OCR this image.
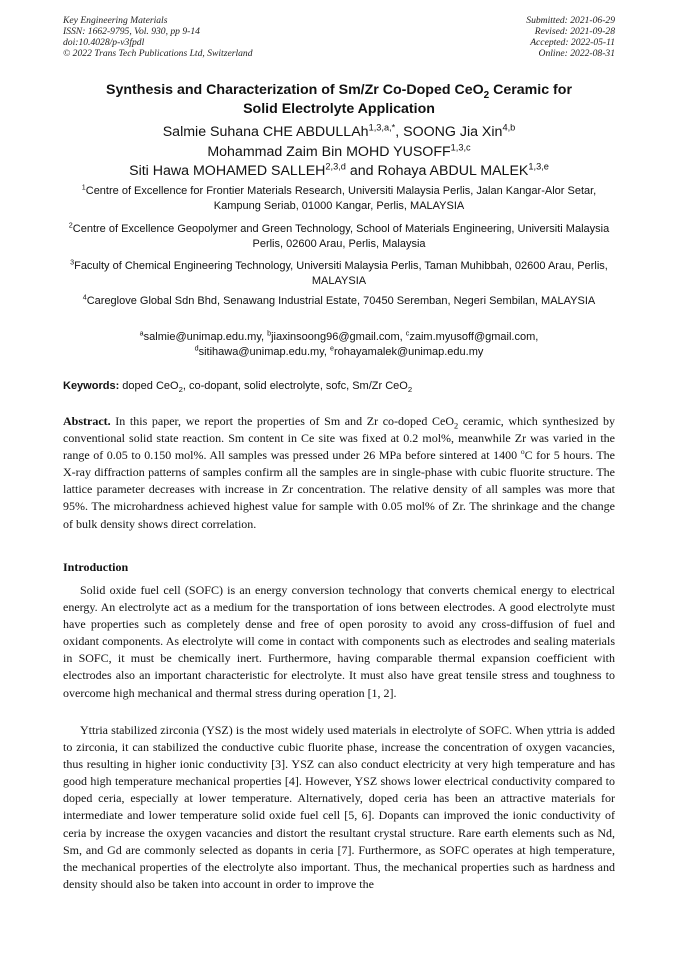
Key Engineering Materials
ISSN: 1662-9795, Vol. 930, pp 9-14
doi:10.4028/p-v3fpdl
© 2022 Trans Tech Publications Ltd, Switzerland
Submitted: 2021-06-29
Revised: 2021-09-28
Accepted: 2022-05-11
Online: 2022-08-31
Synthesis and Characterization of Sm/Zr Co-Doped CeO$_2$ Ceramic for
Solid Electrolyte Application
Salmie Suhana CHE ABDULLAh$^{1,3,a,*}$, SOONG Jia Xin$^{4,b}$
Mohammad Zaim Bin MOHD YUSOFF$^{1,3,c}$
Siti Hawa MOHAMED SALLEH$^{2,3,d}$ and Rohaya ABDUL MALEK$^{1,3,e}$
$^1$Centre of Excellence for Frontier Materials Research, Universiti Malaysia Perlis, Jalan Kangar-Alor Setar, Kampung Seriab, 01000 Kangar, Perlis, MALAYSIA
$^2$Centre of Excellence Geopolymer and Green Technology, School of Materials Engineering, Universiti Malaysia Perlis, 02600 Arau, Perlis, Malaysia
$^3$Faculty of Chemical Engineering Technology, Universiti Malaysia Perlis, Taman Muhibbah, 02600 Arau, Perlis, MALAYSIA
$^4$Careglove Global Sdn Bhd, Senawang Industrial Estate, 70450 Seremban, Negeri Sembilan, MALAYSIA
$^a$salmie@unimap.edu.my, $^b$jiaxinsoong96@gmail.com, $^c$zaim.myusoff@gmail.com,
$^d$sitihawa@unimap.edu.my, $^e$rohayamalek@unimap.edu.my
Keywords: doped CeO$_2$, co-dopant, solid electrolyte, sofc, Sm/Zr CeO$_2$
Abstract. In this paper, we report the properties of Sm and Zr co-doped CeO$_2$ ceramic, which synthesized by conventional solid state reaction. Sm content in Ce site was fixed at 0.2 mol%, meanwhile Zr was varied in the range of 0.05 to 0.150 mol%. All samples was pressed under 26 MPa before sintered at 1400 $^o$C for 5 hours. The X-ray diffraction patterns of samples confirm all the samples are in single-phase with cubic fluorite structure. The lattice parameter decreases with increase in Zr concentration. The relative density of all samples was more that 95%. The microhardness achieved highest value for sample with 0.05 mol% of Zr. The shrinkage and the change of bulk density shows direct correlation.
Introduction
Solid oxide fuel cell (SOFC) is an energy conversion technology that converts chemical energy to electrical energy. An electrolyte act as a medium for the transportation of ions between electrodes. A good electrolyte must have properties such as completely dense and free of open porosity to avoid any cross-diffusion of fuel and oxidant components. As electrolyte will come in contact with components such as electrodes and sealing materials in SOFC, it must be chemically inert. Furthermore, having comparable thermal expansion coefficient with electrodes also an important characteristic for electrolyte. It must also have great tensile stress and toughness to overcome high mechanical and thermal stress during operation [1, 2].
Yttria stabilized zirconia (YSZ) is the most widely used materials in electrolyte of SOFC. When yttria is added to zirconia, it can stabilized the conductive cubic fluorite phase, increase the concentration of oxygen vacancies, thus resulting in higher ionic conductivity [3]. YSZ can also conduct electricity at very high temperature and has good high temperature mechanical properties [4]. However, YSZ shows lower electrical conductivity compared to doped ceria, especially at lower temperature. Alternatively, doped ceria has been an attractive materials for intermediate and lower temperature solid oxide fuel cell [5, 6]. Dopants can improved the ionic conductivity of ceria by increase the oxygen vacancies and distort the resultant crystal structure. Rare earth elements such as Nd, Sm, and Gd are commonly selected as dopants in ceria [7]. Furthermore, as SOFC operates at high temperature, the mechanical properties of the electrolyte also important. Thus, the mechanical properties such as hardness and density should also be taken into account in order to improve the
